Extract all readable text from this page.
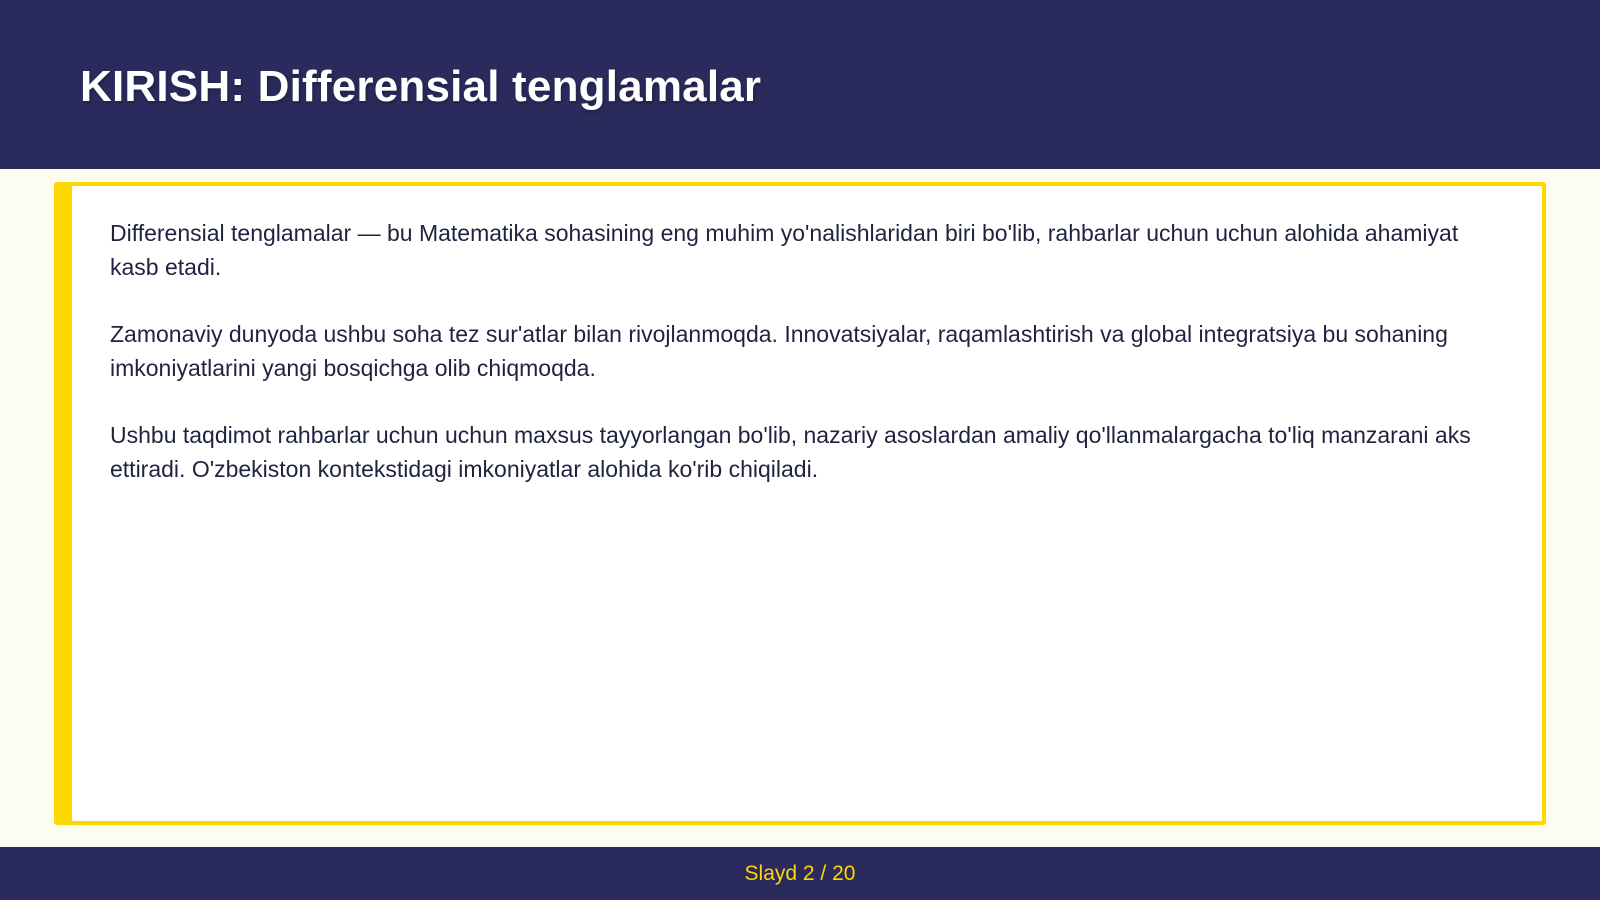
KIRISH: Differensial tenglamalar

Differensial tenglamalar — bu Matematika sohasining eng muhim yo'nalishlaridan biri bo'lib, rahbarlar uchun uchun alohida ahamiyat kasb etadi.

Zamonaviy dunyoda ushbu soha tez sur'atlar bilan rivojlanmoqda. Innovatsiyalar, raqamlashtirish va global integratsiya bu sohaning imkoniyatlarini yangi bosqichga olib chiqmoqda.

Ushbu taqdimot rahbarlar uchun uchun maxsus tayyorlangan bo'lib, nazariy asoslardan amaliy qo'llanmalargacha to'liq manzarani aks ettiradi. O'zbekiston kontekstidagi imkoniyatlar alohida ko'rib chiqiladi.

Slayd 2 / 20
